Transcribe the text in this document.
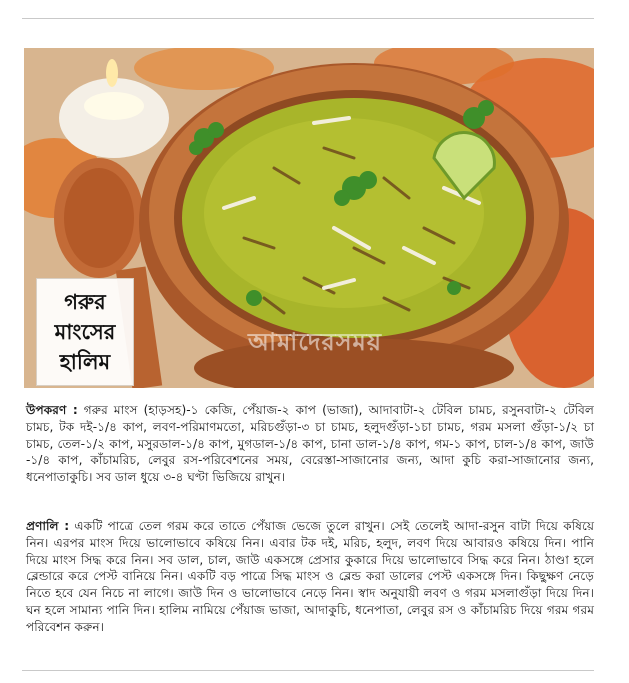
আমাদেরসময়
গরুর
মাংসের
হালিম
উপকরণ : গরুর মাংস (হাড়সহ)-১ কেজি, পেঁয়াজ-২ কাপ (ভাজা), আদাবাটা-২ টেবিল চামচ, রসুনবাটা-২ টেবিল চামচ, টক দই-১/৪ কাপ, লবণ-পরিমাণমতো, মরিচগুঁড়া-৩ চা চামচ, হলুদগুঁড়া-১চা চামচ, গরম মসলা গুঁড়া-১/২ চা চামচ, তেল-১/২ কাপ, মসুরডাল-১/৪ কাপ, মুগডাল-১/৪ কাপ, চানা ডাল-১/৪ কাপ, গম-১ কাপ, চাল-১/৪ কাপ, জাউ -১/৪ কাপ, কাঁচামরিচ, লেবুর রস-পরিবেশনের সময়, বেরেস্তা-সাজানোর জন্য, আদা কুচি করা-সাজানোর জন্য, ধনেপাতাকুচি। সব ডাল ধুয়ে ৩-৪ ঘণ্টা ভিজিয়ে রাখুন।
প্রণালি : একটি পাত্রে তেল গরম করে তাতে পেঁয়াজ ভেজে তুলে রাখুন। সেই তেলেই আদা-রসুন বাটা দিয়ে কষিয়ে নিন। এরপর মাংস দিয়ে ভালোভাবে কষিয়ে নিন। এবার টক দই, মরিচ, হলুদ, লবণ দিয়ে আবারও কষিয়ে দিন। পানি দিয়ে মাংস সিদ্ধ করে নিন। সব ডাল, চাল, জাউ একসঙ্গে প্রেসার কুকারে দিয়ে ভালোভাবে সিদ্ধ করে নিন। ঠাণ্ডা হলে ব্লেন্ডারে করে পেস্ট বানিয়ে নিন। একটি বড় পাত্রে সিদ্ধ মাংস ও ব্লেন্ড করা ডালের পেস্ট একসঙ্গে দিন। কিছুক্ষণ নেড়ে নিতে হবে যেন নিচে না লাগে। জাউ দিন ও ভালোভাবে নেড়ে নিন। স্বাদ অনুযায়ী লবণ ও গরম মসলাগুঁড়া দিয়ে দিন। ঘন হলে সামান্য পানি দিন। হালিম নামিয়ে পেঁয়াজ ভাজা, আদাকুচি, ধনেপাতা, লেবুর রস ও কাঁচামরিচ দিয়ে গরম গরম পরিবেশন করুন।
